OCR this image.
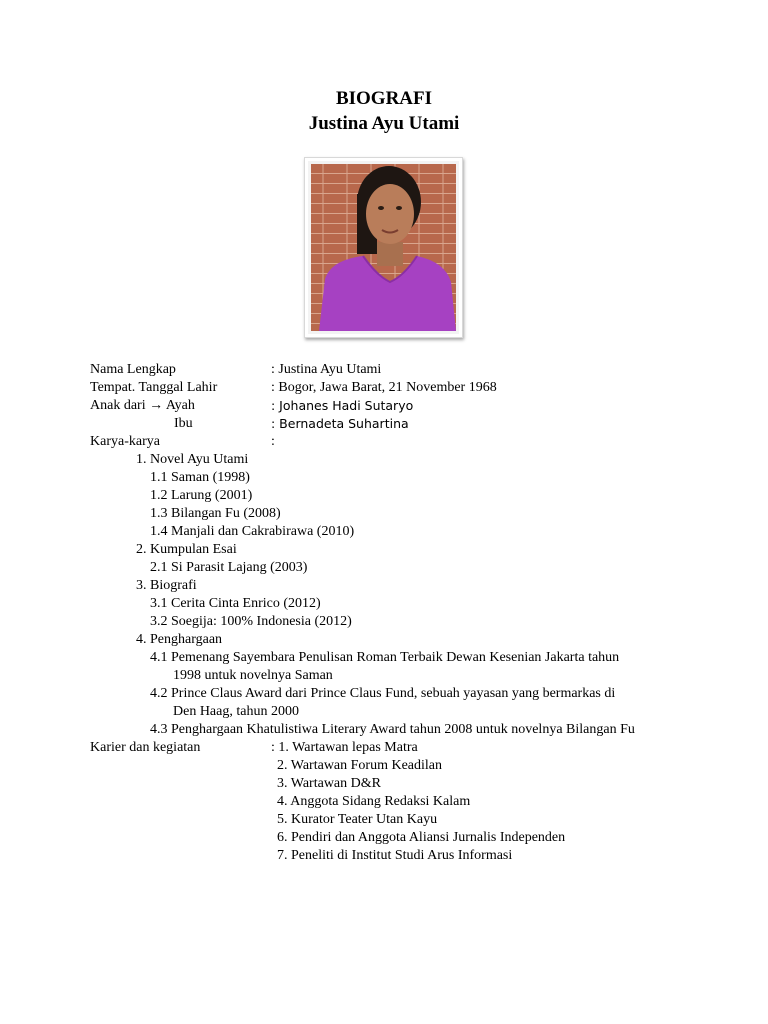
BIOGRAFI
Justina Ayu Utami
Nama Lengkap	: Justina Ayu Utami
Tempat. Tanggal Lahir	: Bogor, Jawa Barat, 21 November 1968
Anak dari → Ayah	: Johanes Hadi Sutaryo
Ibu	: Bernadeta Suhartina
Karya-karya	:
1. Novel Ayu Utami
1.1 Saman (1998)
1.2 Larung (2001)
1.3 Bilangan Fu (2008)
1.4 Manjali dan Cakrabirawa (2010)
2. Kumpulan Esai
2.1 Si Parasit Lajang (2003)
3. Biografi
3.1 Cerita Cinta Enrico (2012)
3.2 Soegija: 100% Indonesia (2012)
4. Penghargaan
4.1 Pemenang Sayembara Penulisan Roman Terbaik Dewan Kesenian Jakarta tahun
1998 untuk novelnya Saman
4.2 Prince Claus Award dari Prince Claus Fund, sebuah yayasan yang bermarkas di
Den Haag, tahun 2000
4.3 Penghargaan Khatulistiwa Literary Award tahun 2008 untuk novelnya Bilangan Fu
Karier dan kegiatan	: 1. Wartawan lepas Matra
2. Wartawan Forum Keadilan
3. Wartawan D&R
4. Anggota Sidang Redaksi Kalam
5. Kurator Teater Utan Kayu
6. Pendiri dan Anggota Aliansi Jurnalis Independen
7. Peneliti di Institut Studi Arus Informasi
